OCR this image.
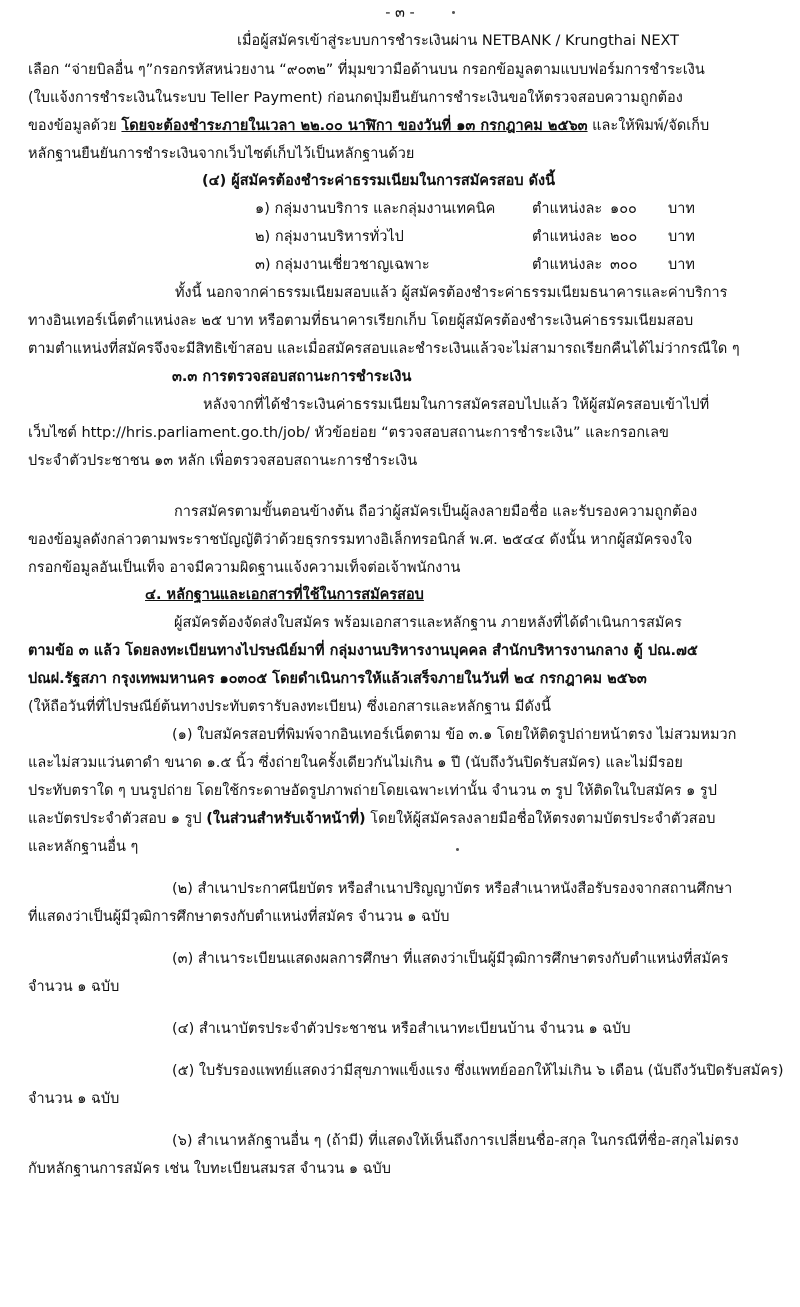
- ๓ -
เมื่อผู้สมัครเข้าสู่ระบบการชำระเงินผ่าน NETBANK / Krungthai NEXT
เลือก “จ่ายบิลอื่น ๆ”กรอกรหัสหน่วยงาน “๙๐๓๒” ที่มุมขวามือด้านบน กรอกข้อมูลตามแบบฟอร์มการชำระเงิน
(ใบแจ้งการชำระเงินในระบบ Teller Payment) ก่อนกดปุ่มยืนยันการชำระเงินขอให้ตรวจสอบความถูกต้อง
ของข้อมูลด้วย โดยจะต้องชำระภายในเวลา ๒๒.๐๐ นาฬิกา ของวันที่ ๑๓ กรกฎาคม ๒๕๖๓ และให้พิมพ์/จัดเก็บ
หลักฐานยืนยันการชำระเงินจากเว็บไซต์เก็บไว้เป็นหลักฐานด้วย
(๔) ผู้สมัครต้องชำระค่าธรรมเนียมในการสมัครสอบ ดังนี้
๑) กลุ่มงานบริการ และกลุ่มงานเทคนิค	ตำแหน่งละ ๑๐๐ บาท
๒) กลุ่มงานบริหารทั่วไป	ตำแหน่งละ ๒๐๐ บาท
๓) กลุ่มงานเชี่ยวชาญเฉพาะ	ตำแหน่งละ ๓๐๐ บาท
ทั้งนี้ นอกจากค่าธรรมเนียมสอบแล้ว ผู้สมัครต้องชำระค่าธรรมเนียมธนาคารและค่าบริการ
ทางอินเทอร์เน็ตตำแหน่งละ ๒๕ บาท หรือตามที่ธนาคารเรียกเก็บ โดยผู้สมัครต้องชำระเงินค่าธรรมเนียมสอบ
ตามตำแหน่งที่สมัครจึงจะมีสิทธิเข้าสอบ และเมื่อสมัครสอบและชำระเงินแล้วจะไม่สามารถเรียกคืนได้ไม่ว่ากรณีใด ๆ
๓.๓ การตรวจสอบสถานะการชำระเงิน
หลังจากที่ได้ชำระเงินค่าธรรมเนียมในการสมัครสอบไปแล้ว ให้ผู้สมัครสอบเข้าไปที่
เว็บไซต์ http://hris.parliament.go.th/job/ หัวข้อย่อย “ตรวจสอบสถานะการชำระเงิน” และกรอกเลข
ประจำตัวประชาชน ๑๓ หลัก เพื่อตรวจสอบสถานะการชำระเงิน
การสมัครตามขั้นตอนข้างต้น ถือว่าผู้สมัครเป็นผู้ลงลายมือชื่อ และรับรองความถูกต้อง
ของข้อมูลดังกล่าวตามพระราชบัญญัติว่าด้วยธุรกรรมทางอิเล็กทรอนิกส์ พ.ศ. ๒๕๔๔ ดังนั้น หากผู้สมัครจงใจ
กรอกข้อมูลอันเป็นเท็จ อาจมีความผิดฐานแจ้งความเท็จต่อเจ้าพนักงาน
๔. หลักฐานและเอกสารที่ใช้ในการสมัครสอบ
ผู้สมัครต้องจัดส่งใบสมัคร พร้อมเอกสารและหลักฐาน ภายหลังที่ได้ดำเนินการสมัคร
ตามข้อ ๓ แล้ว โดยลงทะเบียนทางไปรษณีย์มาที่ กลุ่มงานบริหารงานบุคคล สำนักบริหารงานกลาง ตู้ ปณ.๗๕
ปณฝ.รัฐสภา กรุงเทพมหานคร ๑๐๓๐๕ โดยดำเนินการให้แล้วเสร็จภายในวันที่ ๒๔ กรกฎาคม ๒๕๖๓
(ให้ถือวันที่ที่ไปรษณีย์ต้นทางประทับตรารับลงทะเบียน) ซึ่งเอกสารและหลักฐาน มีดังนี้
(๑) ใบสมัครสอบที่พิมพ์จากอินเทอร์เน็ตตาม ข้อ ๓.๑ โดยให้ติดรูปถ่ายหน้าตรง ไม่สวมหมวก
และไม่สวมแว่นตาดำ ขนาด ๑.๕ นิ้ว ซึ่งถ่ายในครั้งเดียวกันไม่เกิน ๑ ปี (นับถึงวันปิดรับสมัคร) และไม่มีรอย
ประทับตราใด ๆ บนรูปถ่าย โดยใช้กระดาษอัดรูปภาพถ่ายโดยเฉพาะเท่านั้น จำนวน ๓ รูป ให้ติดในใบสมัคร ๑ รูป
และบัตรประจำตัวสอบ ๑ รูป (ในส่วนสำหรับเจ้าหน้าที่) โดยให้ผู้สมัครลงลายมือชื่อให้ตรงตามบัตรประจำตัวสอบ
และหลักฐานอื่น ๆ
(๒) สำเนาประกาศนียบัตร หรือสำเนาปริญญาบัตร หรือสำเนาหนังสือรับรองจากสถานศึกษา
ที่แสดงว่าเป็นผู้มีวุฒิการศึกษาตรงกับตำแหน่งที่สมัคร จำนวน ๑ ฉบับ
(๓) สำเนาระเบียนแสดงผลการศึกษา ที่แสดงว่าเป็นผู้มีวุฒิการศึกษาตรงกับตำแหน่งที่สมัคร
จำนวน ๑ ฉบับ
(๔) สำเนาบัตรประจำตัวประชาชน หรือสำเนาทะเบียนบ้าน จำนวน ๑ ฉบับ
(๕) ใบรับรองแพทย์แสดงว่ามีสุขภาพแข็งแรง ซึ่งแพทย์ออกให้ไม่เกิน ๖ เดือน (นับถึงวันปิดรับสมัคร)
จำนวน ๑ ฉบับ
(๖) สำเนาหลักฐานอื่น ๆ (ถ้ามี) ที่แสดงให้เห็นถึงการเปลี่ยนชื่อ-สกุล ในกรณีที่ชื่อ-สกุลไม่ตรง
กับหลักฐานการสมัคร เช่น ใบทะเบียนสมรส จำนวน ๑ ฉบับ
